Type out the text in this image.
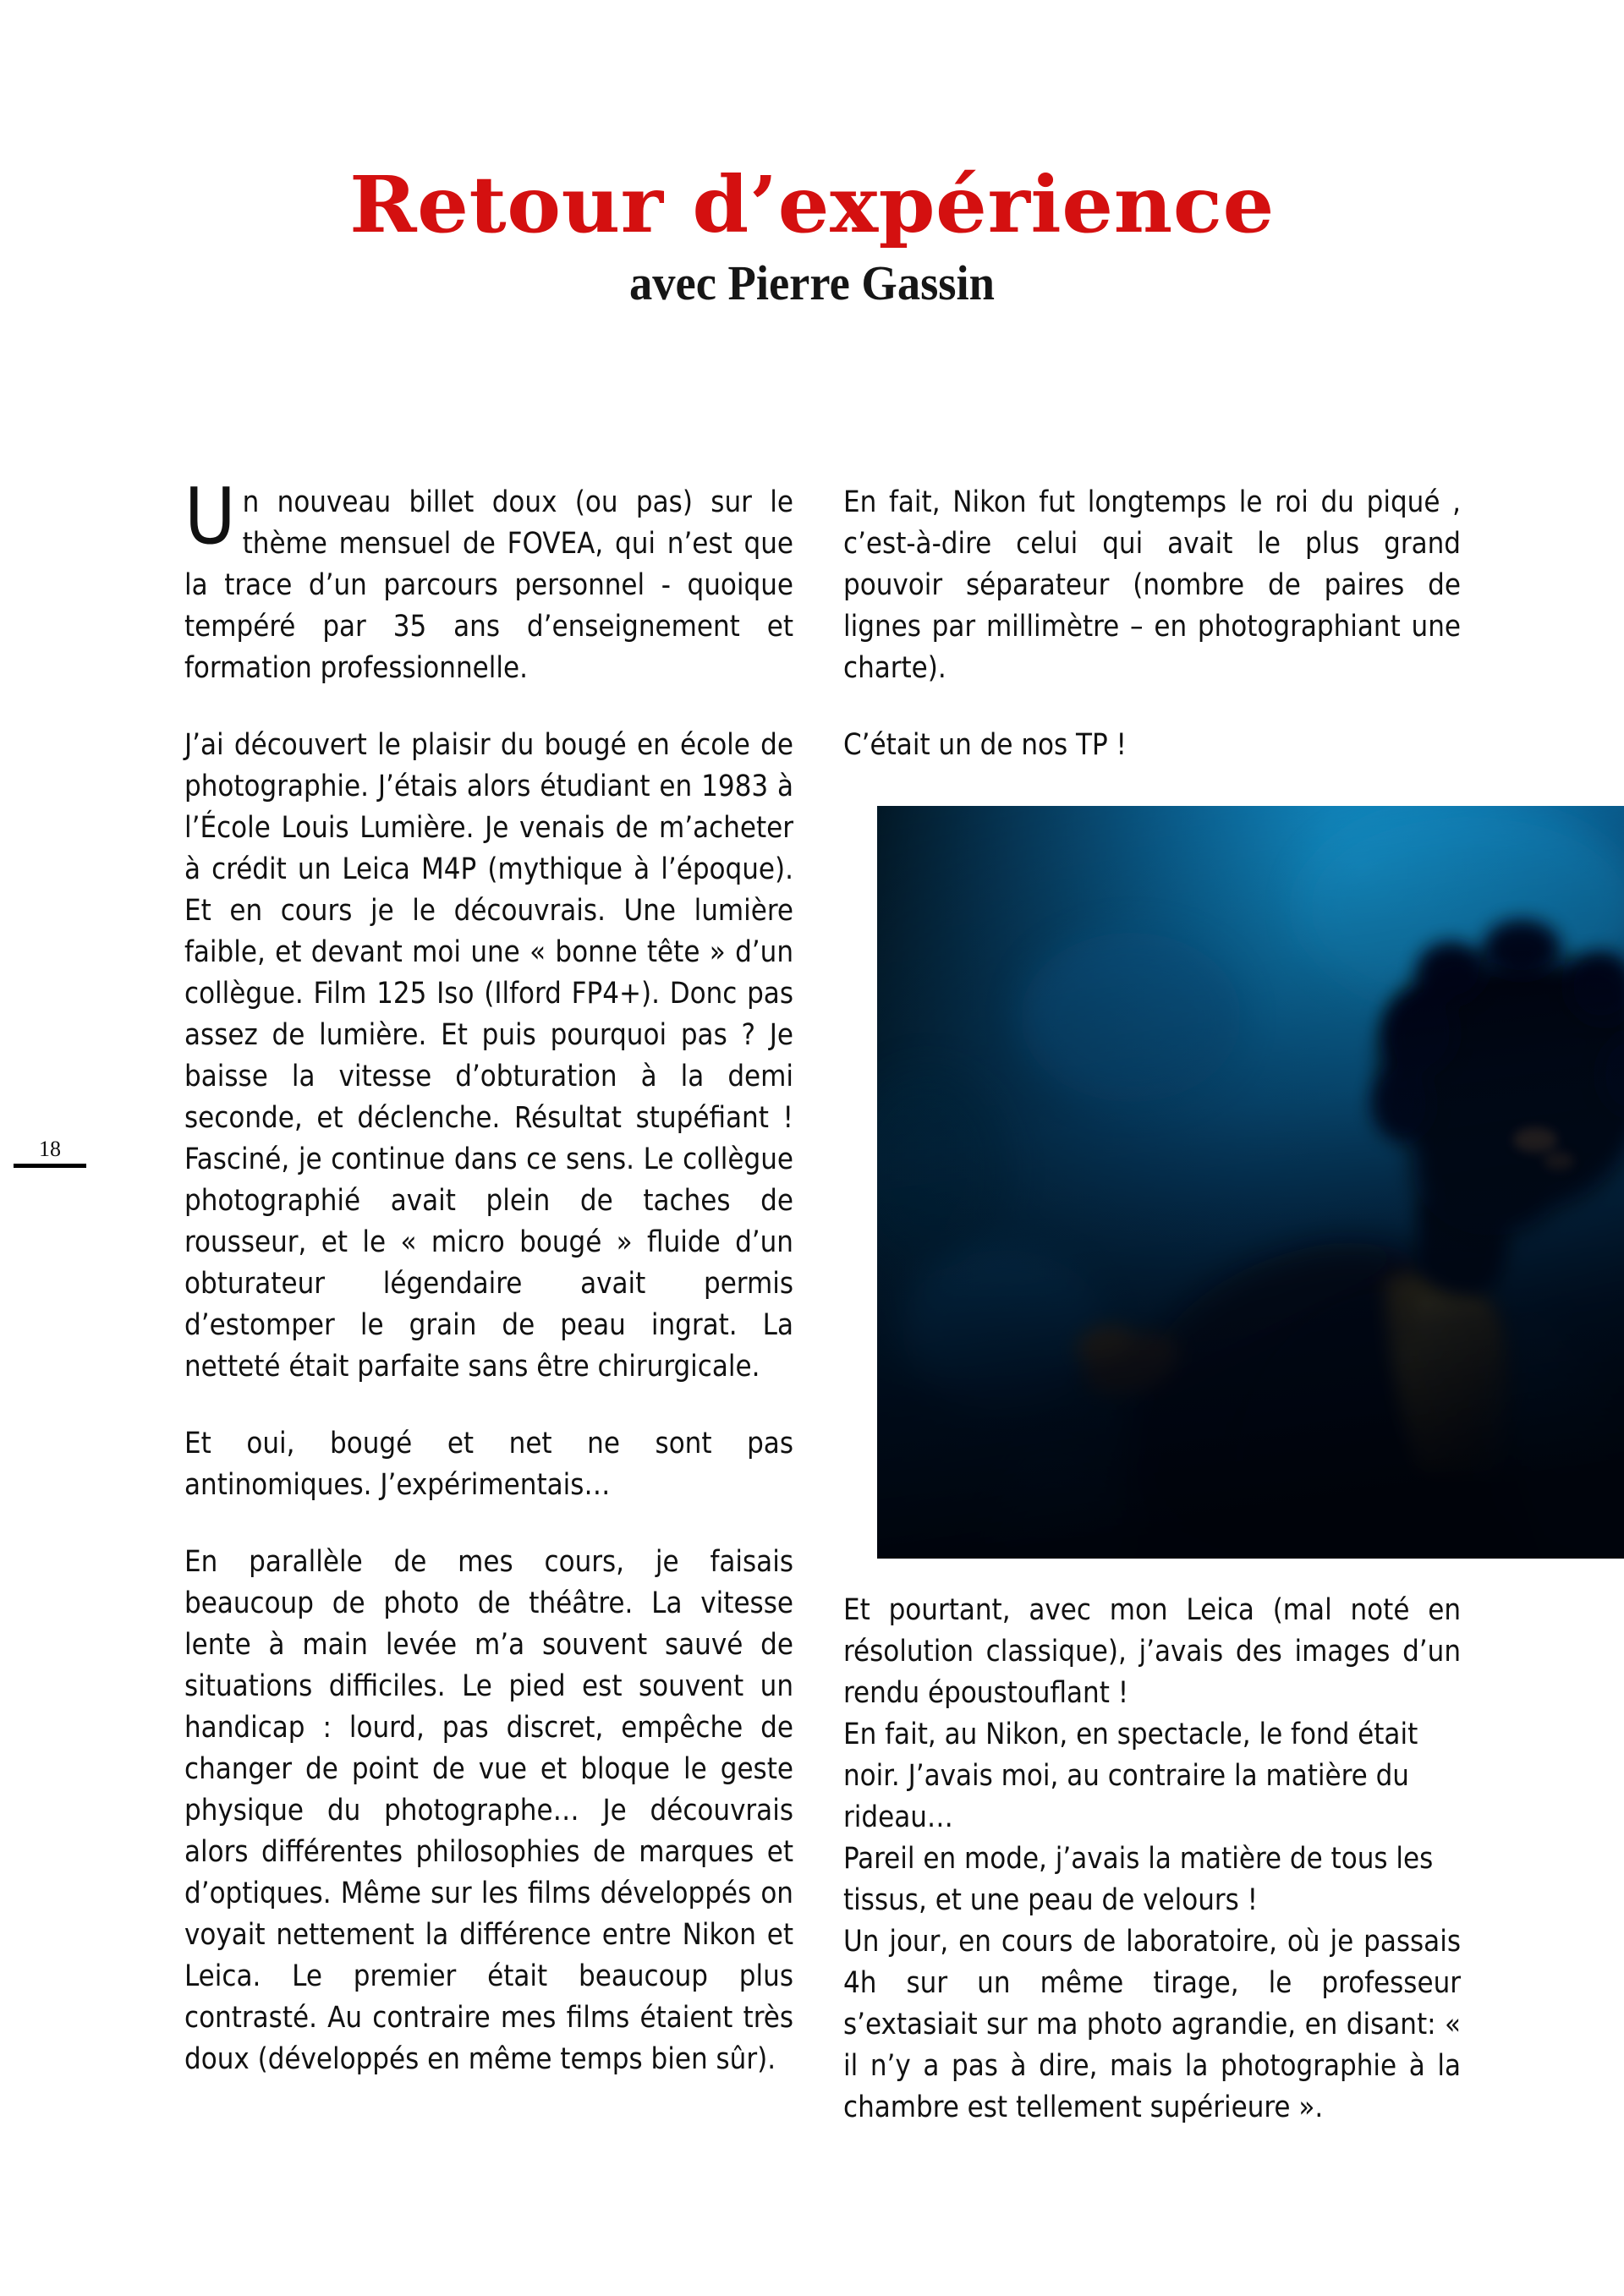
Retour d’expérience
avec Pierre Gassin
18

Un nouveau billet doux (ou pas) sur le thème mensuel de FOVEA, qui n’est que la trace d’un parcours personnel - quoique tempéré par 35 ans d’enseignement et formation professionnelle.

J’ai découvert le plaisir du bougé en école de photographie. J’étais alors étudiant en 1983 à l’École Louis Lumière. Je venais de m’acheter à crédit un Leica M4P (mythique à l’époque). Et en cours je le découvrais. Une lumière faible, et devant moi une « bonne tête » d’un collègue. Film 125 Iso (Ilford FP4+). Donc pas assez de lumière. Et puis pourquoi pas ? Je baisse la vitesse d’obturation à la demi seconde, et déclenche. Résultat stupéfiant ! Fasciné, je continue dans ce sens. Le collègue photographié avait plein de taches de rousseur, et le « micro bougé » fluide d’un obturateur légendaire avait permis d’estomper le grain de peau ingrat. La netteté était parfaite sans être chirurgicale.

Et oui, bougé et net ne sont pas antinomiques. J’expérimentais…

En parallèle de mes cours, je faisais beaucoup de photo de théâtre. La vitesse lente à main levée m’a souvent sauvé de situations difficiles. Le pied est souvent un handicap : lourd, pas discret, empêche de changer de point de vue et bloque le geste physique du photographe… Je découvrais alors différentes philosophies de marques et d’optiques. Même sur les films développés on voyait nettement la différence entre Nikon et Leica. Le premier était beaucoup plus contrasté. Au contraire mes films étaient très doux (développés en même temps bien sûr).

En fait, Nikon fut longtemps le roi du piqué , c’est-à-dire celui qui avait le plus grand pouvoir séparateur (nombre de paires de lignes par millimètre – en photographiant une charte).

C’était un de nos TP !

Et pourtant, avec mon Leica (mal noté en résolution classique), j’avais des images d’un rendu époustouflant !

En fait, au Nikon, en spectacle, le fond était noir. J’avais moi, au contraire la matière du rideau…

Pareil en mode, j’avais la matière de tous les tissus, et une peau de velours !

Un jour, en cours de laboratoire, où je passais 4h sur un même tirage, le professeur s’extasiait sur ma photo agrandie, en disant: « il n’y a pas à dire, mais la photographie à la chambre est tellement supérieure ».
